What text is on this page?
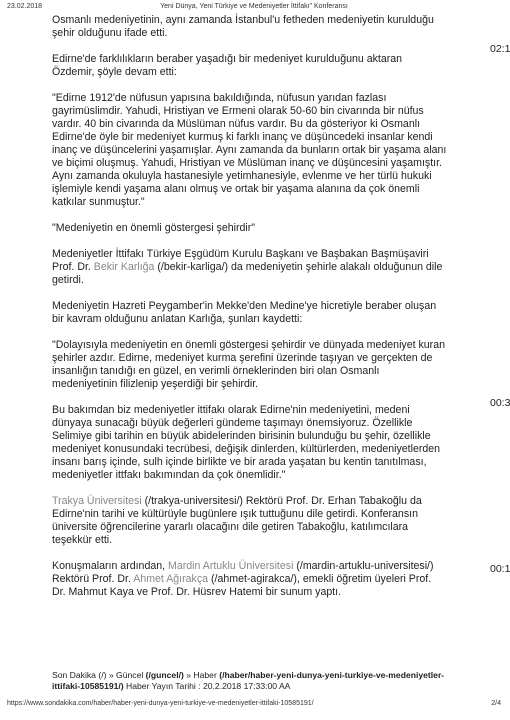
23.02.2018	Yeni Dünya, Yeni Türkiye ve Medeniyetler İttifakı" Konferansı

Osmanlı medeniyetinin, aynı zamanda İstanbul'u fetheden medeniyetin kurulduğu şehir olduğunu ifade etti.

Edirne'de farklılıkların beraber yaşadığı bir medeniyet kurulduğunu aktaran Özdemir, şöyle devam etti:

"Edirne 1912'de nüfusun yapısına bakıldığında, nüfusun yarıdan fazlası gayrimüslimdir. Yahudi, Hristiyan ve Ermeni olarak 50-60 bin civarında bir nüfus vardır. 40 bin civarında da Müslüman nüfus vardır. Bu da gösteriyor ki Osmanlı Edirne'de öyle bir medeniyet kurmuş ki farklı inanç ve düşüncedeki insanlar kendi inanç ve düşüncelerini yaşamışlar. Aynı zamanda da bunların ortak bir yaşama alanı ve biçimi oluşmuş. Yahudi, Hristiyan ve Müslüman inanç ve düşüncesini yaşamıştır. Aynı zamanda okuluyla hastanesiyle yetimhanesiyle, evlenme ve her türlü hukuki işlemiyle kendi yaşama alanı olmuş ve ortak bir yaşama alanına da çok önemli katkılar sunmuştur."

"Medeniyetin en önemli göstergesi şehirdir"

Medeniyetler İttifakı Türkiye Eşgüdüm Kurulu Başkanı ve Başbakan Başmüşaviri Prof. Dr. Bekir Karlığa (/bekir-karliga/) da medeniyetin şehirle alakalı olduğunun dile getirdi.

Medeniyetin Hazreti Peygamber'in Mekke'den Medine'ye hicretiyle beraber oluşan bir kavram olduğunu anlatan Karlığa, şunları kaydetti:

"Dolayısıyla medeniyetin en önemli göstergesi şehirdir ve dünyada medeniyet kuran şehirler azdır. Edirne, medeniyet kurma şerefini üzerinde taşıyan ve gerçekten de insanlığın tanıdığı en güzel, en verimli örneklerinden biri olan Osmanlı medeniyetinin filizlenip yeşerdiği bir şehirdir.

Bu bakımdan biz medeniyetler ittifakı olarak Edirne'nin medeniyetini, medeni dünyaya sunacağı büyük değerleri gündeme taşımayı önemsiyoruz. Özellikle Selimiye gibi tarihin en büyük abidelerinden birisinin bulunduğu bu şehir, özellikle medeniyet konusundaki tecrübesi, değişik dinlerden, kültürlerden, medeniyetlerden insanı barış içinde, sulh içinde birlikte ve bir arada yaşatan bu kentin tanıtılması, medeniyetler ittfakı bakımından da çok önemlidir."

Trakya Üniversitesi (/trakya-universitesi/) Rektörü Prof. Dr. Erhan Tabakoğlu da Edirne'nin tarihi ve kültürüyle bugünlere ışık tuttuğunu dile getirdi. Konferansın üniversite öğrencilerine yararlı olacağını dile getiren Tabakoğlu, katılımcılara teşekkür etti.

Konuşmaların ardından, Mardin Artuklu Üniversitesi (/mardin-artuklu-universitesi/) Rektörü Prof. Dr. Ahmet Ağırakça (/ahmet-agirakca/), emekli öğretim üyeleri Prof. Dr. Mahmut Kaya ve Prof. Dr. Hüsrev Hatemi bir sunum yaptı.

02:1
00:3
00:1
Son Dakika (/) » Güncel (/guncel/) » Haber (/haber/haber-yeni-dunya-yeni-turkiye-ve-medeniyetler-ittifaki-10585191/) Haber Yayın Tarihi : 20.2.2018 17:33:00 AA
https://www.sondakika.com/haber/haber-yeni-dunya-yeni-turkiye-ve-medeniyetler-ittifaki-10585191/	2/4
